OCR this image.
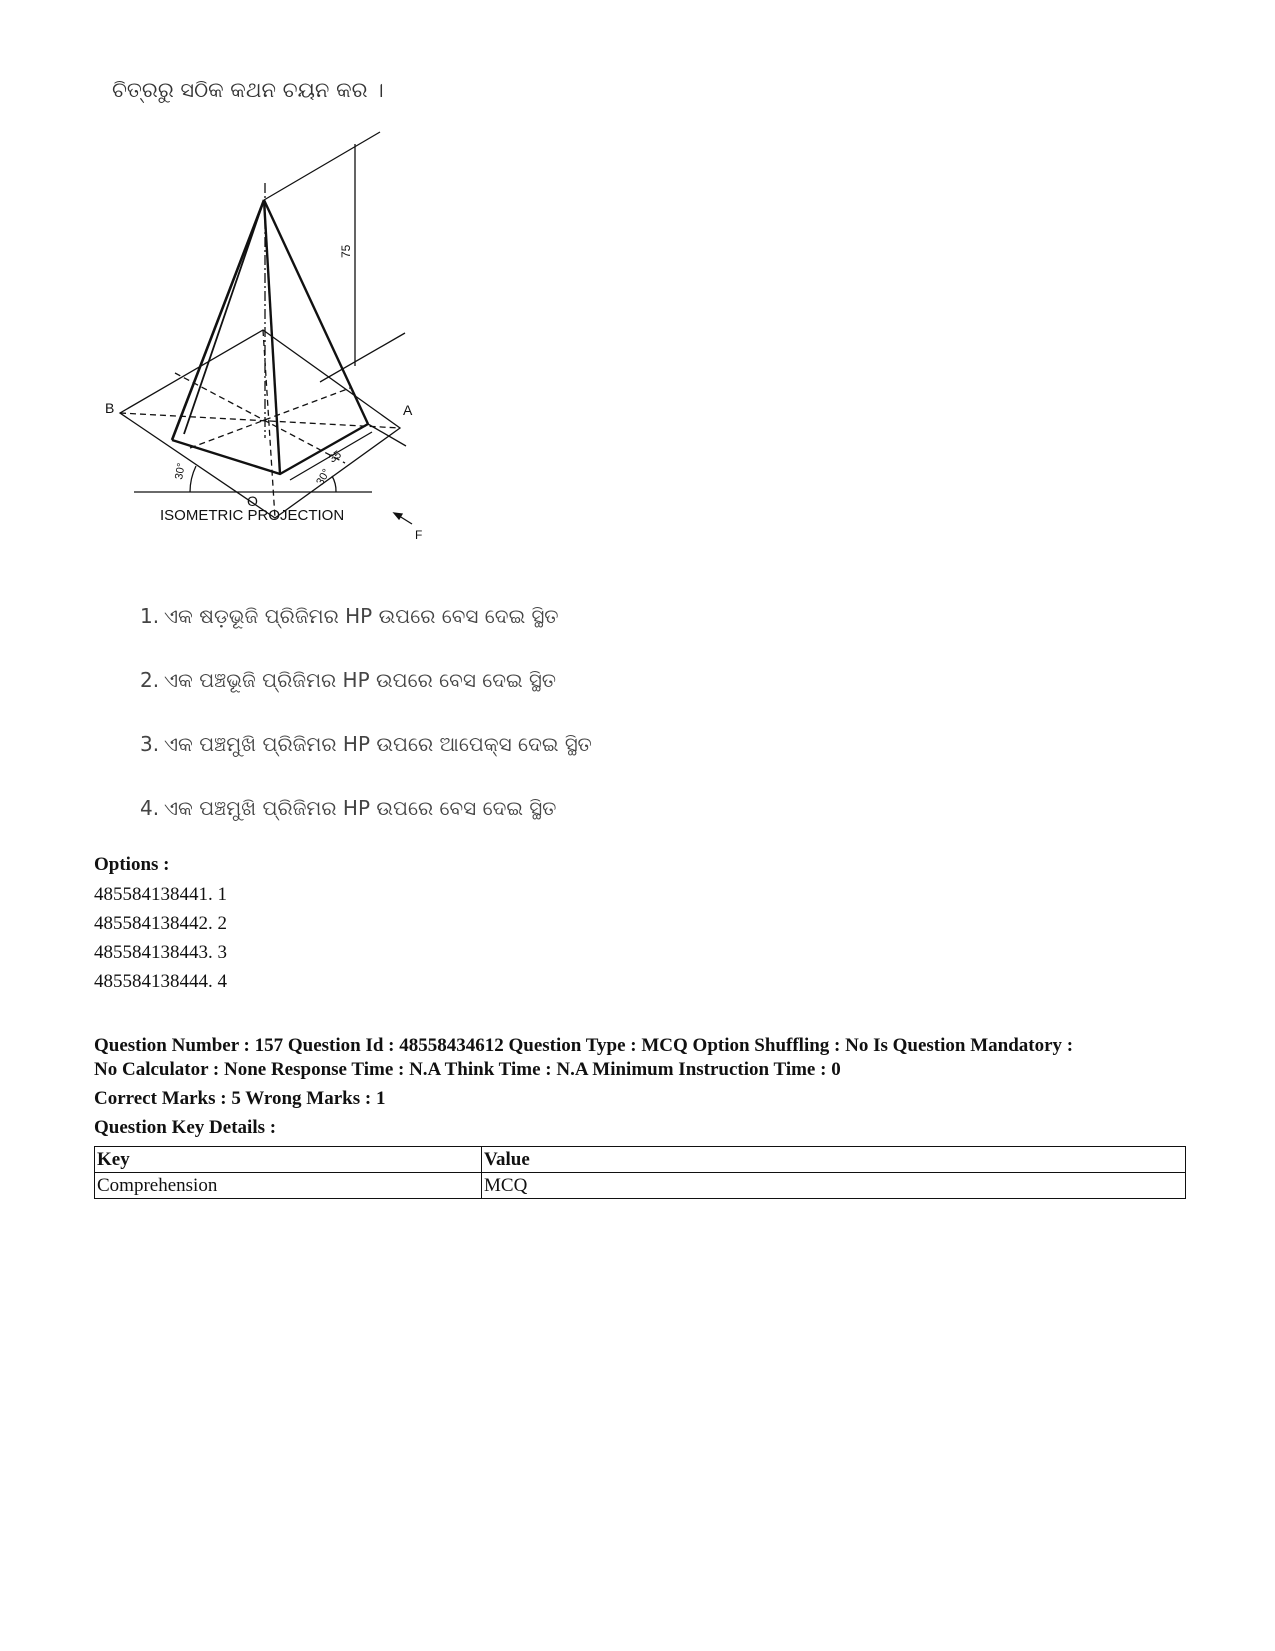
ଚିତ୍ରରୁ ସଠିକ କଥନ ଚୟନ କର ।
75
35
30°	30°
A
B
O
F
ISOMETRIC PROJECTION
1. ଏକ ଷଡ଼ଭୂଜି ପ୍ରିଜିମର HP ଉପରେ ବେସ ଦେଇ ସ୍ଥିତ
2. ଏକ ପଞ୍ଚଭୂଜି ପ୍ରିଜିମର HP ଉପରେ ବେସ ଦେଇ ସ୍ଥିତ
3. ଏକ ପଞ୍ଚମୁଖି ପ୍ରିଜିମର HP ଉପରେ ଆପେକ୍ସ ଦେଇ ସ୍ଥିତ
4. ଏକ ପଞ୍ଚମୁଖି ପ୍ରିଜିମର HP ଉପରେ ବେସ ଦେଇ ସ୍ଥିତ
Options :
485584138441. 1
485584138442. 2
485584138443. 3
485584138444. 4

Question Number : 157 Question Id : 48558434612 Question Type : MCQ Option Shuffling : No Is Question Mandatory :

No Calculator : None Response Time : N.A Think Time : N.A Minimum Instruction Time : 0

Correct Marks : 5 Wrong Marks : 1

Question Key Details :

Key	Value
Comprehension	MCQ
